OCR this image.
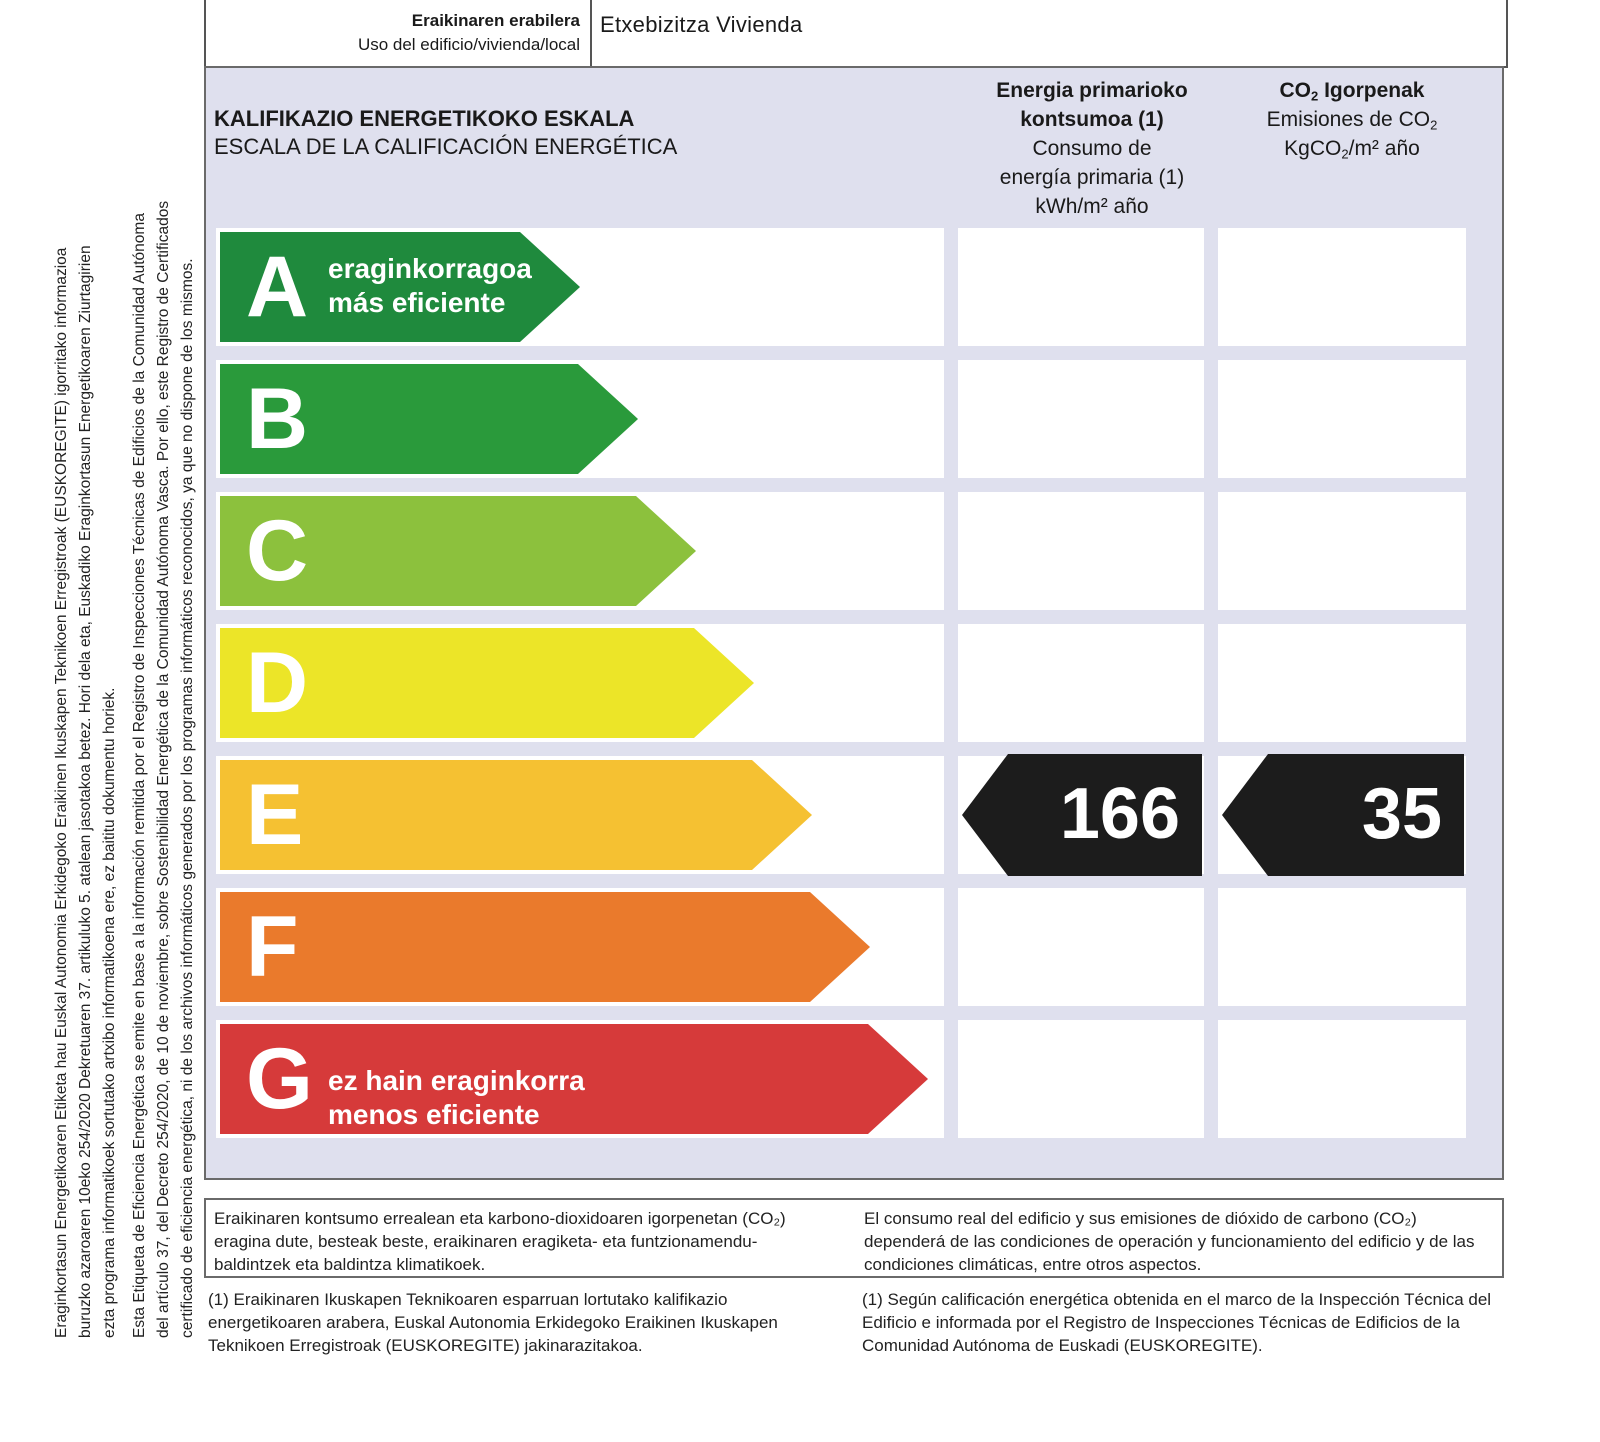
Eraginkortasun Energetikoaren Etiketa hau Euskal Autonomia Erkidegoko Eraikinen Ikuskapen Teknikoen Erregistroak (EUSKOREGITE) igorritako informazioa buruzko azaroaren 10eko 254/2020 Dekretuaren 37. artikuluko 5. atalean jasotakoa betez. Hori dela eta, Euskadiko Eraginkortasun Energetikoaren Ziurtagirien ezta programa informatikoek sortutako artxibo informatikoena ere, ez baititu dokumentu horiek. Esta Etiqueta de Eficiencia Energética se emite en base a la información remitida por el Registro de Inspecciones Técnicas de Edificios de la Comunidad Autónoma del artículo 37, del Decreto 254/2020, de 10 de noviembre, sobre Sostenibilidad Energética de la Comunidad Autónoma Vasca. Por ello, este Registro de Certificados certificado de eficiencia energética, ni de los archivos informáticos generados por los programas informáticos reconocidos, ya que no dispone de los mismos.
Eraikinaren erabilera
Uso del edificio/vivienda/local
Etxebizitza Vivienda
KALIFIKAZIO ENERGETIKOKO ESKALA
ESCALA DE LA CALIFICACIÓN ENERGÉTICA
Energia primarioko
kontsumoa (1)
Consumo de
energía primaria (1)
kWh/m² año
$CO_2$ Igorpenak
Emisiones de $CO_2$
KgCO$_2$/m² año
A eraginkorragoa
más eficiente
B
C
D
E	166	35
F
G ez hain eraginkorra
menos eficiente
Eraikinaren kontsumo errealean eta karbono-dioxidoaren igorpenetan (CO₂) eragina dute, besteak beste, eraikinaren eragiketa- eta funtzionamendu-baldintzek eta baldintza klimatikoek.
El consumo real del edificio y sus emisiones de dióxido de carbono (CO₂) dependerá de las condiciones de operación y funcionamiento del edificio y de las condiciones climáticas, entre otros aspectos.
(1) Eraikinaren Ikuskapen Teknikoaren esparruan lortutako kalifikazio energetikoaren arabera, Euskal Autonomia Erkidegoko Eraikinen Ikuskapen Teknikoen Erregistroak (EUSKOREGITE) jakinarazitakoa.
(1) Según calificación energética obtenida en el marco de la Inspección Técnica del Edificio e informada por el Registro de Inspecciones Técnicas de Edificios de la Comunidad Autónoma de Euskadi (EUSKOREGITE).
